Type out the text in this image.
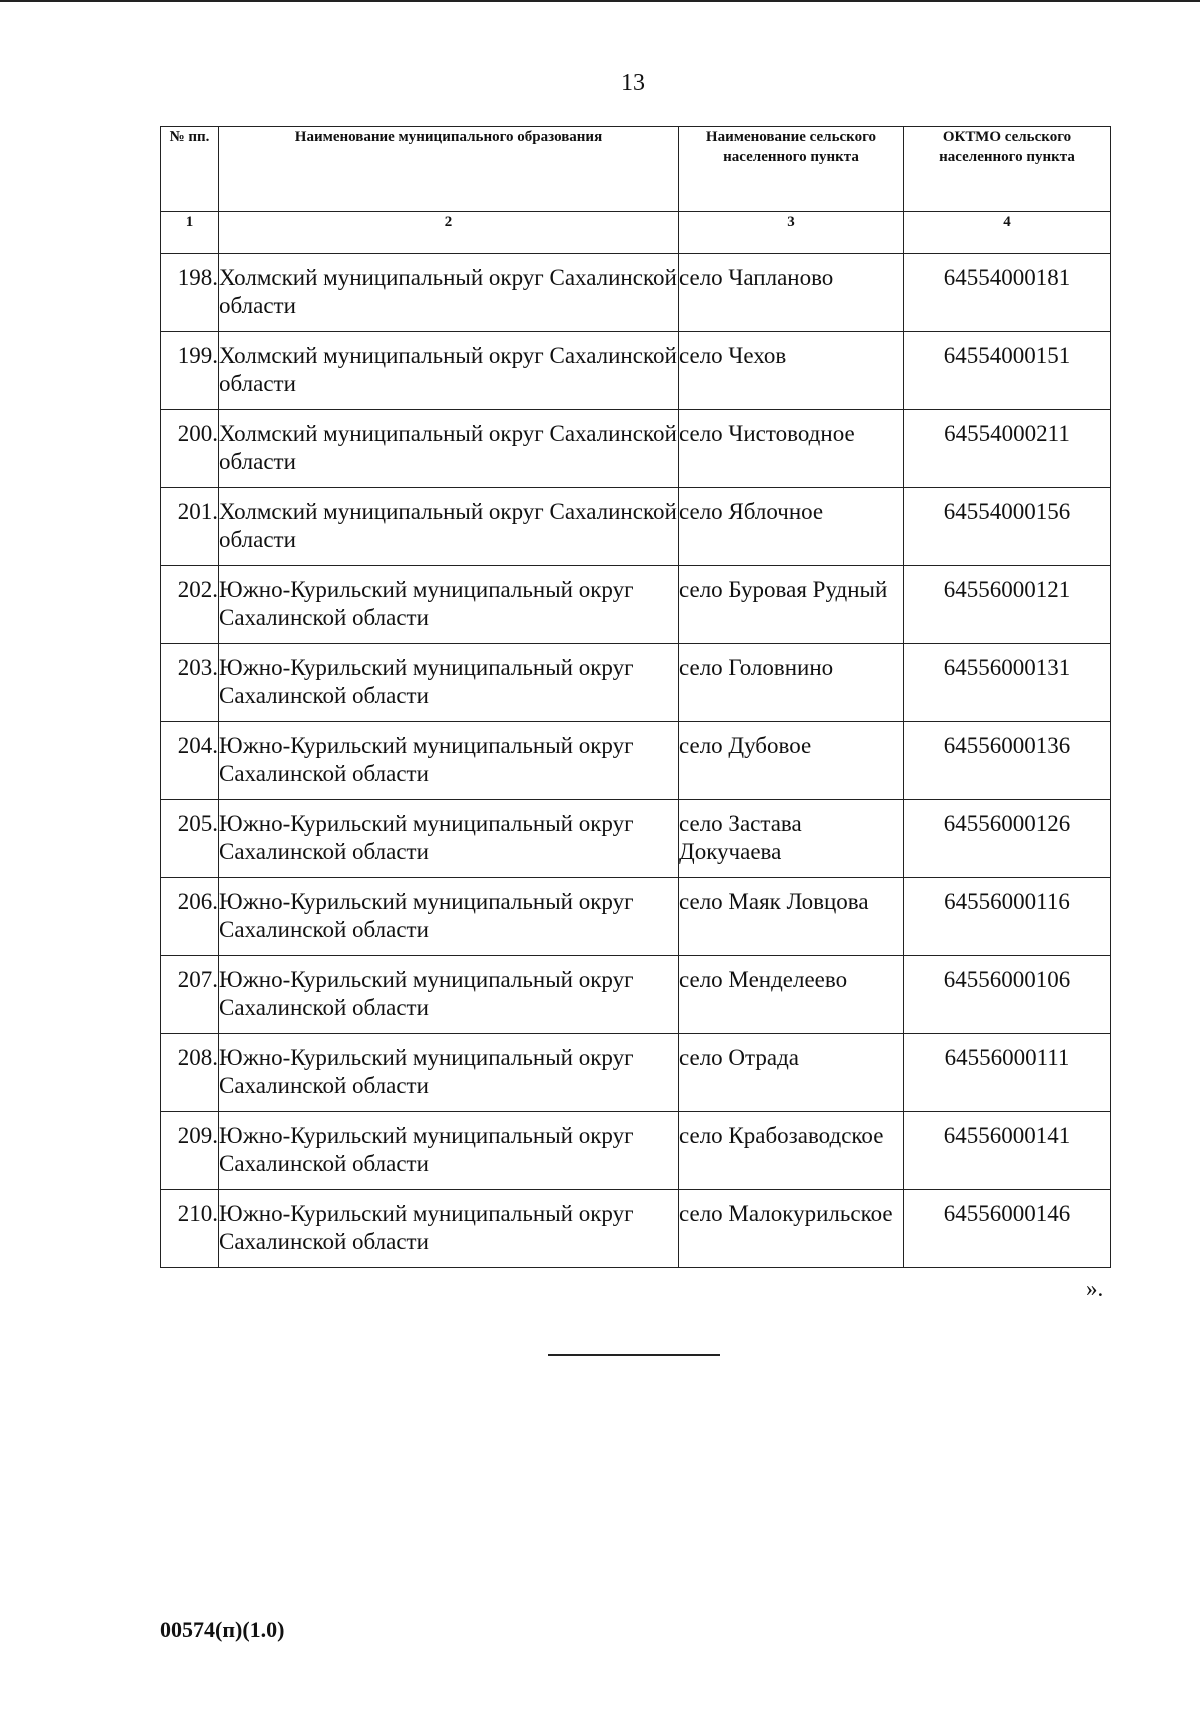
13
№ пп.	Наименование муниципального образования	Наименование сельского населенного пункта	ОКТМО сельского населенного пункта
1	2	3	4
198.	Холмский муниципальный округ Сахалинской области	село Чапланово	64554000181
199.	Холмский муниципальный округ Сахалинской области	село Чехов	64554000151
200.	Холмский муниципальный округ Сахалинской области	село Чистоводное	64554000211
201.	Холмский муниципальный округ Сахалинской области	село Яблочное	64554000156
202.	Южно-Курильский муниципальный округ Сахалинской области	село Буровая Рудный	64556000121
203.	Южно-Курильский муниципальный округ Сахалинской области	село Головнино	64556000131
204.	Южно-Курильский муниципальный округ Сахалинской области	село Дубовое	64556000136
205.	Южно-Курильский муниципальный округ Сахалинской области	село Застава Докучаева	64556000126
206.	Южно-Курильский муниципальный округ Сахалинской области	село Маяк Ловцова	64556000116
207.	Южно-Курильский муниципальный округ Сахалинской области	село Менделеево	64556000106
208.	Южно-Курильский муниципальный округ Сахалинской области	село Отрада	64556000111
209.	Южно-Курильский муниципальный округ Сахалинской области	село Крабозаводское	64556000141
210.	Южно-Курильский муниципальный округ Сахалинской области	село Малокурильское	64556000146
».
00574(п)(1.0)
